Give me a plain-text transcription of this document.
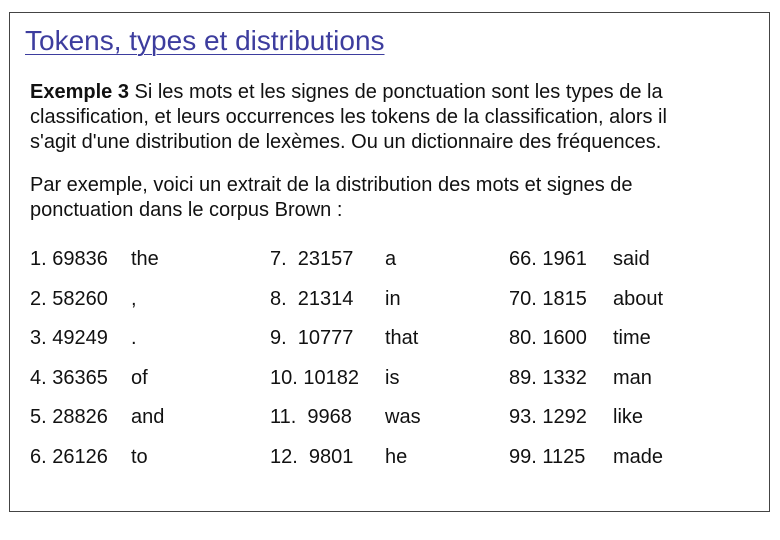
Tokens, types et distributions
Exemple 3 Si les mots et les signes de ponctuation sont les types de la
classification, et leurs occurrences les tokens de la classification, alors il
s'agit d'une distribution de lexèmes. Ou un dictionnaire des fréquences.
Par exemple, voici un extrait de la distribution des mots et signes de
ponctuation dans le corpus Brown :
1. 69836	the
2. 58260	,
3. 49249	.
4. 36365	of
5. 28826	and
6. 26126	to
7.  23157	a
8.  21314	in
9.  10777	that
10. 10182	is
11.  9968	was
12.  9801	he
66. 1961	said
70. 1815	about
80. 1600	time
89. 1332	man
93. 1292	like
99. 1125	made
